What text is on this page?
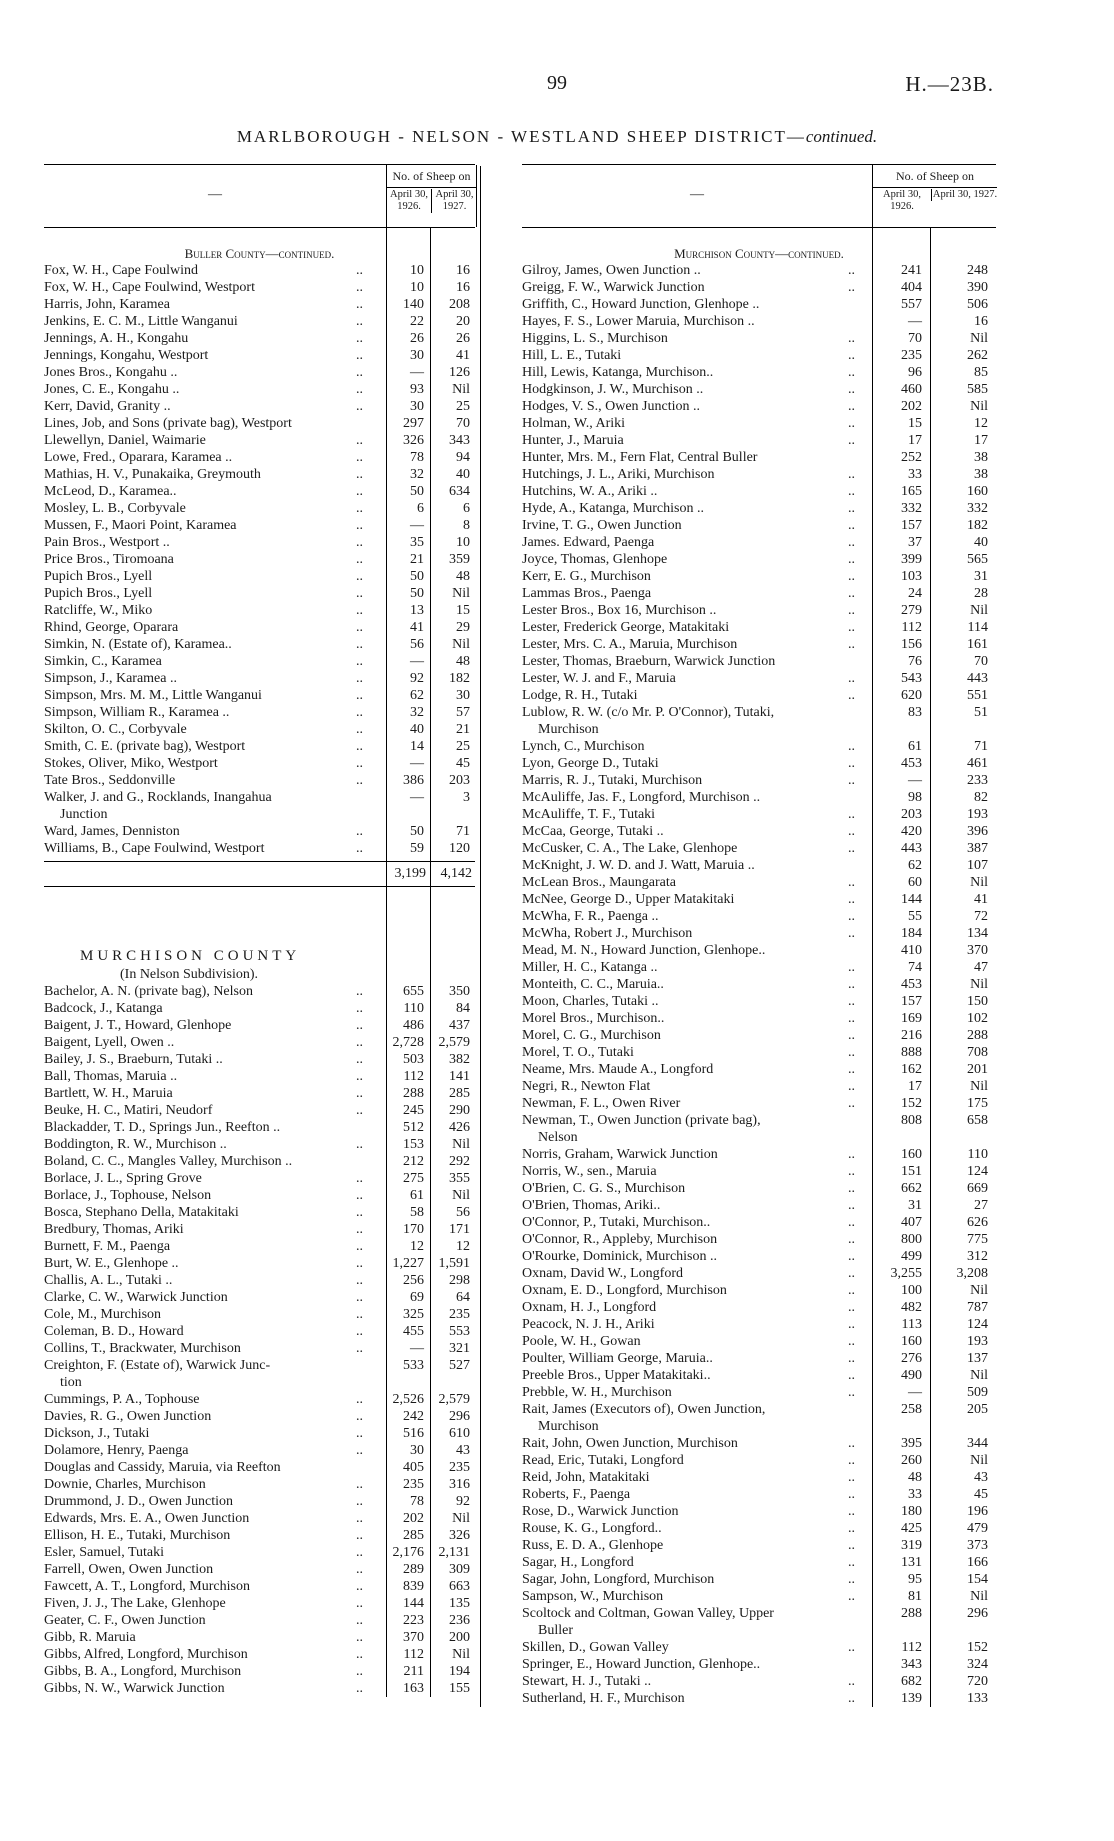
99	H.—23B.
MARLBOROUGH - NELSON - WESTLAND SHEEP DISTRICT—continued.
—
No. of Sheep on
April 30, 1926.
April 30, 1927.
Buller County—continued.
Fox, W. H., Cape Foulwind	..	10	16
Fox, W. H., Cape Foulwind, Westport	..	10	16
Harris, John, Karamea	..	140	208
Jenkins, E. C. M., Little Wanganui	..	22	20
Jennings, A. H., Kongahu	..	26	26
Jennings, Kongahu, Westport	..	30	41
Jones Bros., Kongahu ..	..	—	126
Jones, C. E., Kongahu ..	..	93	Nil
Kerr, David, Granity ..	..	30	25
Lines, Job, and Sons (private bag), Westport	297	70
Llewellyn, Daniel, Waimarie	..	326	343
Lowe, Fred., Oparara, Karamea ..	..	78	94
Mathias, H. V., Punakaika, Greymouth	..	32	40
McLeod, D., Karamea..	..	50	634
Mosley, L. B., Corbyvale	..	6	6
Mussen, F., Maori Point, Karamea	..	—	8
Pain Bros., Westport ..	..	35	10
Price Bros., Tiromoana	..	21	359
Pupich Bros., Lyell	..	50	48
Pupich Bros., Lyell	..	50	Nil
Ratcliffe, W., Miko	..	13	15
Rhind, George, Oparara	..	41	29
Simkin, N. (Estate of), Karamea..	..	56	Nil
Simkin, C., Karamea	..	—	48
Simpson, J., Karamea ..	..	92	182
Simpson, Mrs. M. M., Little Wanganui	..	62	30
Simpson, William R., Karamea ..	..	32	57
Skilton, O. C., Corbyvale	..	40	21
Smith, C. E. (private bag), Westport	..	14	25
Stokes, Oliver, Miko, Westport	..	—	45
Tate Bros., Seddonville	..	386	203
Walker, J. and G., Rocklands, Inangahua	—	3
Junction
Ward, James, Denniston	..	50	71
Williams, B., Cape Foulwind, Westport	..	59	120
3,199	4,142
MURCHISON COUNTY
(In Nelson Subdivision).
Bachelor, A. N. (private bag), Nelson	..	655	350
Badcock, J., Katanga	..	110	84
Baigent, J. T., Howard, Glenhope	..	486	437
Baigent, Lyell, Owen ..	..	2,728	2,579
Bailey, J. S., Braeburn, Tutaki ..	..	503	382
Ball, Thomas, Maruia ..	..	112	141
Bartlett, W. H., Maruia	..	288	285
Beuke, H. C., Matiri, Neudorf	..	245	290
Blackadder, T. D., Springs Jun., Reefton ..	512	426
Boddington, R. W., Murchison ..	..	153	Nil
Boland, C. C., Mangles Valley, Murchison ..	212	292
Borlace, J. L., Spring Grove	..	275	355
Borlace, J., Tophouse, Nelson	..	61	Nil
Bosca, Stephano Della, Matakitaki	..	58	56
Bredbury, Thomas, Ariki	..	170	171
Burnett, F. M., Paenga	..	12	12
Burt, W. E., Glenhope ..	..	1,227	1,591
Challis, A. L., Tutaki ..	..	256	298
Clarke, C. W., Warwick Junction	..	69	64
Cole, M., Murchison	..	325	235
Coleman, B. D., Howard	..	455	553
Collins, T., Brackwater, Murchison	..	—	321
Creighton, F. (Estate of), Warwick Junc-	533	527
tion
Cummings, P. A., Tophouse	..	2,526	2,579
Davies, R. G., Owen Junction	..	242	296
Dickson, J., Tutaki	..	516	610
Dolamore, Henry, Paenga	..	30	43
Douglas and Cassidy, Maruia, via Reefton	405	235
Downie, Charles, Murchison	..	235	316
Drummond, J. D., Owen Junction	..	78	92
Edwards, Mrs. E. A., Owen Junction	..	202	Nil
Ellison, H. E., Tutaki, Murchison	..	285	326
Esler, Samuel, Tutaki	..	2,176	2,131
Farrell, Owen, Owen Junction	..	289	309
Fawcett, A. T., Longford, Murchison	..	839	663
Fiven, J. J., The Lake, Glenhope	..	144	135
Geater, C. F., Owen Junction	..	223	236
Gibb, R. Maruia	..	370	200
Gibbs, Alfred, Longford, Murchison	..	112	Nil
Gibbs, B. A., Longford, Murchison	..	211	194
Gibbs, N. W., Warwick Junction	..	163	155
—
No. of Sheep on
April 30, 1926.
April 30, 1927.
Murchison County—continued.
Gilroy, James, Owen Junction ..	..	241	248
Greigg, F. W., Warwick Junction	..	404	390
Griffith, C., Howard Junction, Glenhope ..	557	506
Hayes, F. S., Lower Maruia, Murchison ..	—	16
Higgins, L. S., Murchison	..	70	Nil
Hill, L. E., Tutaki	..	235	262
Hill, Lewis, Katanga, Murchison..	..	96	85
Hodgkinson, J. W., Murchison ..	..	460	585
Hodges, V. S., Owen Junction ..	..	202	Nil
Holman, W., Ariki	..	15	12
Hunter, J., Maruia	..	17	17
Hunter, Mrs. M., Fern Flat, Central Buller	252	38
Hutchings, J. L., Ariki, Murchison	..	33	38
Hutchins, W. A., Ariki ..	..	165	160
Hyde, A., Katanga, Murchison ..	..	332	332
Irvine, T. G., Owen Junction	..	157	182
James. Edward, Paenga	..	37	40
Joyce, Thomas, Glenhope	..	399	565
Kerr, E. G., Murchison	..	103	31
Lammas Bros., Paenga	..	24	28
Lester Bros., Box 16, Murchison ..	..	279	Nil
Lester, Frederick George, Matakitaki	..	112	114
Lester, Mrs. C. A., Maruia, Murchison	..	156	161
Lester, Thomas, Braeburn, Warwick Junction	76	70
Lester, W. J. and F., Maruia	..	543	443
Lodge, R. H., Tutaki	..	620	551
Lublow, R. W. (c/o Mr. P. O'Connor), Tutaki,	83	51
Murchison
Lynch, C., Murchison	..	61	71
Lyon, George D., Tutaki	..	453	461
Marris, R. J., Tutaki, Murchison	..	—	233
McAuliffe, Jas. F., Longford, Murchison ..	98	82
McAuliffe, T. F., Tutaki	..	203	193
McCaa, George, Tutaki ..	..	420	396
McCusker, C. A., The Lake, Glenhope	..	443	387
McKnight, J. W. D. and J. Watt, Maruia ..	62	107
McLean Bros., Maungarata	..	60	Nil
McNee, George D., Upper Matakitaki	..	144	41
McWha, F. R., Paenga ..	..	55	72
McWha, Robert J., Murchison	..	184	134
Mead, M. N., Howard Junction, Glenhope..	410	370
Miller, H. C., Katanga ..	..	74	47
Monteith, C. C., Maruia..	..	453	Nil
Moon, Charles, Tutaki ..	..	157	150
Morel Bros., Murchison..	..	169	102
Morel, C. G., Murchison	..	216	288
Morel, T. O., Tutaki	..	888	708
Neame, Mrs. Maude A., Longford	..	162	201
Negri, R., Newton Flat	..	17	Nil
Newman, F. L., Owen River	..	152	175
Newman, T., Owen Junction (private bag),	808	658
Nelson
Norris, Graham, Warwick Junction	..	160	110
Norris, W., sen., Maruia	..	151	124
O'Brien, C. G. S., Murchison	..	662	669
O'Brien, Thomas, Ariki..	..	31	27
O'Connor, P., Tutaki, Murchison..	..	407	626
O'Connor, R., Appleby, Murchison	..	800	775
O'Rourke, Dominick, Murchison ..	..	499	312
Oxnam, David W., Longford	..	3,255	3,208
Oxnam, E. D., Longford, Murchison	..	100	Nil
Oxnam, H. J., Longford	..	482	787
Peacock, N. J. H., Ariki	..	113	124
Poole, W. H., Gowan	..	160	193
Poulter, William George, Maruia..	..	276	137
Preeble Bros., Upper Matakitaki..	..	490	Nil
Prebble, W. H., Murchison	..	—	509
Rait, James (Executors of), Owen Junction,	258	205
Murchison
Rait, John, Owen Junction, Murchison	..	395	344
Read, Eric, Tutaki, Longford	..	260	Nil
Reid, John, Matakitaki	..	48	43
Roberts, F., Paenga	..	33	45
Rose, D., Warwick Junction	..	180	196
Rouse, K. G., Longford..	..	425	479
Russ, E. D. A., Glenhope	..	319	373
Sagar, H., Longford	..	131	166
Sagar, John, Longford, Murchison	..	95	154
Sampson, W., Murchison	..	81	Nil
Scoltock and Coltman, Gowan Valley, Upper	288	296
Buller
Skillen, D., Gowan Valley	..	112	152
Springer, E., Howard Junction, Glenhope..	343	324
Stewart, H. J., Tutaki ..	..	682	720
Sutherland, H. F., Murchison	..	139	133
